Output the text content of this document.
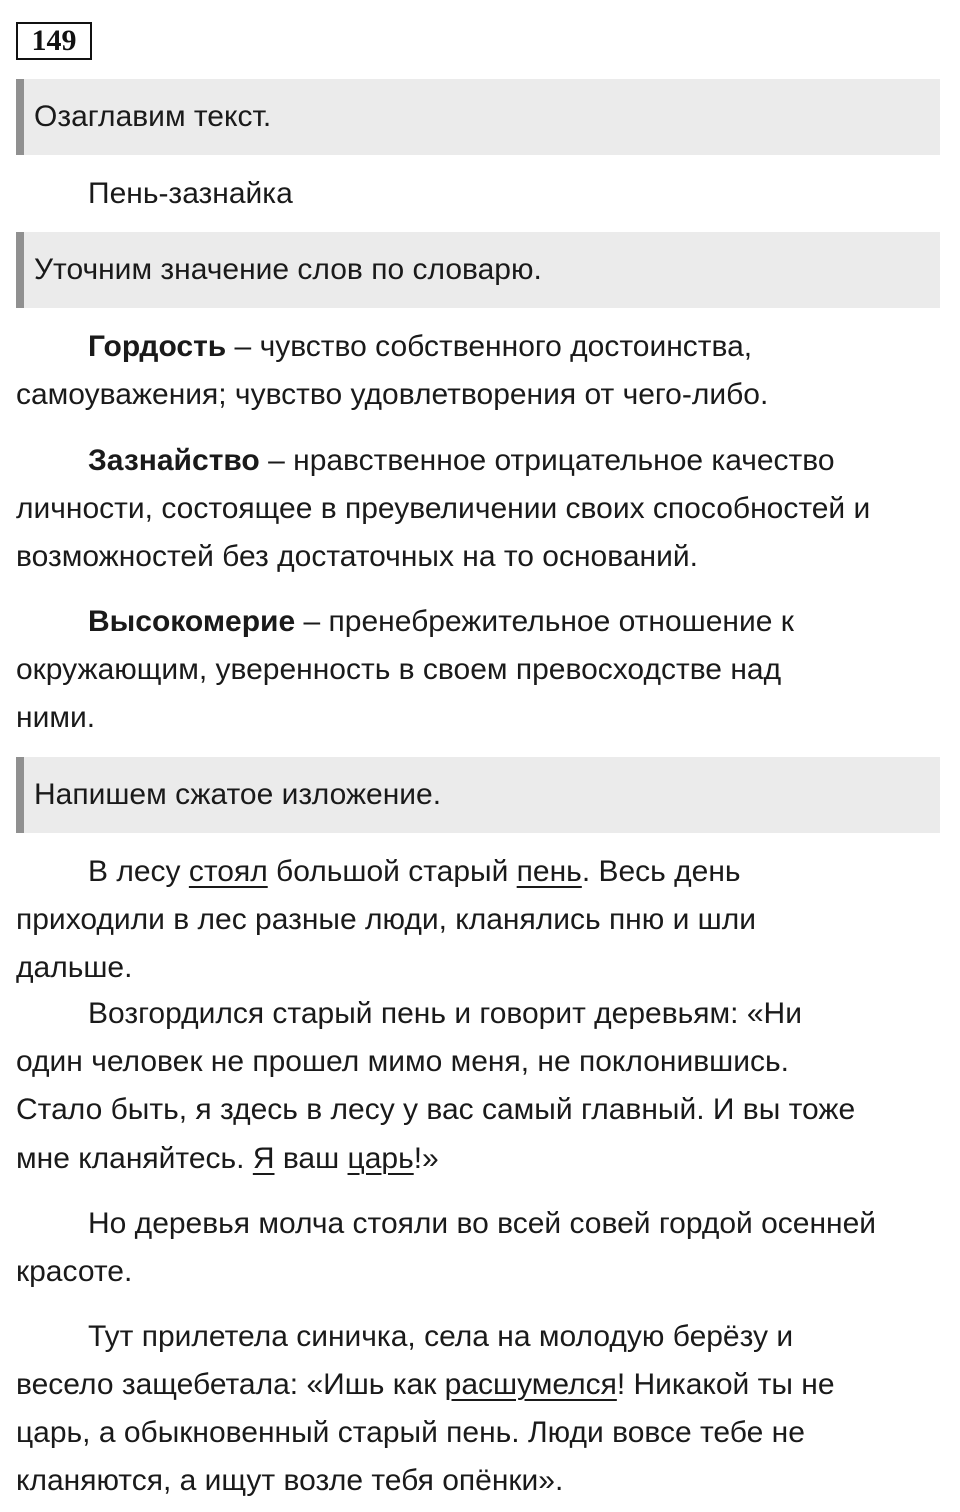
149
Озаглавим текст.
Пень-зазнайка
Уточним значение слов по словарю.
Гордость – чувство собственного достоинства,
самоуважения; чувство удовлетворения от чего-либо.
Зазнайство – нравственное отрицательное качество
личности, состоящее в преувеличении своих способностей и
возможностей без достаточных на то оснований.
Высокомерие – пренебрежительное отношение к
окружающим, уверенность в своем превосходстве над
ними.
Напишем сжатое изложение.
В лесу стоял большой старый пень. Весь день
приходили в лес разные люди, кланялись пню и шли
дальше.
Возгордился старый пень и говорит деревьям: «Ни
один человек не прошел мимо меня, не поклонившись.
Стало быть, я здесь в лесу у вас самый главный. И вы тоже
мне кланяйтесь. Я ваш царь!»
Но деревья молча стояли во всей совей гордой осенней
красоте.
Тут прилетела синичка, села на молодую берёзу и
весело защебетала: «Ишь как расшумелся! Никакой ты не
царь, а обыкновенный старый пень. Люди вовсе тебе не
кланяются, а ищут возле тебя опёнки».
